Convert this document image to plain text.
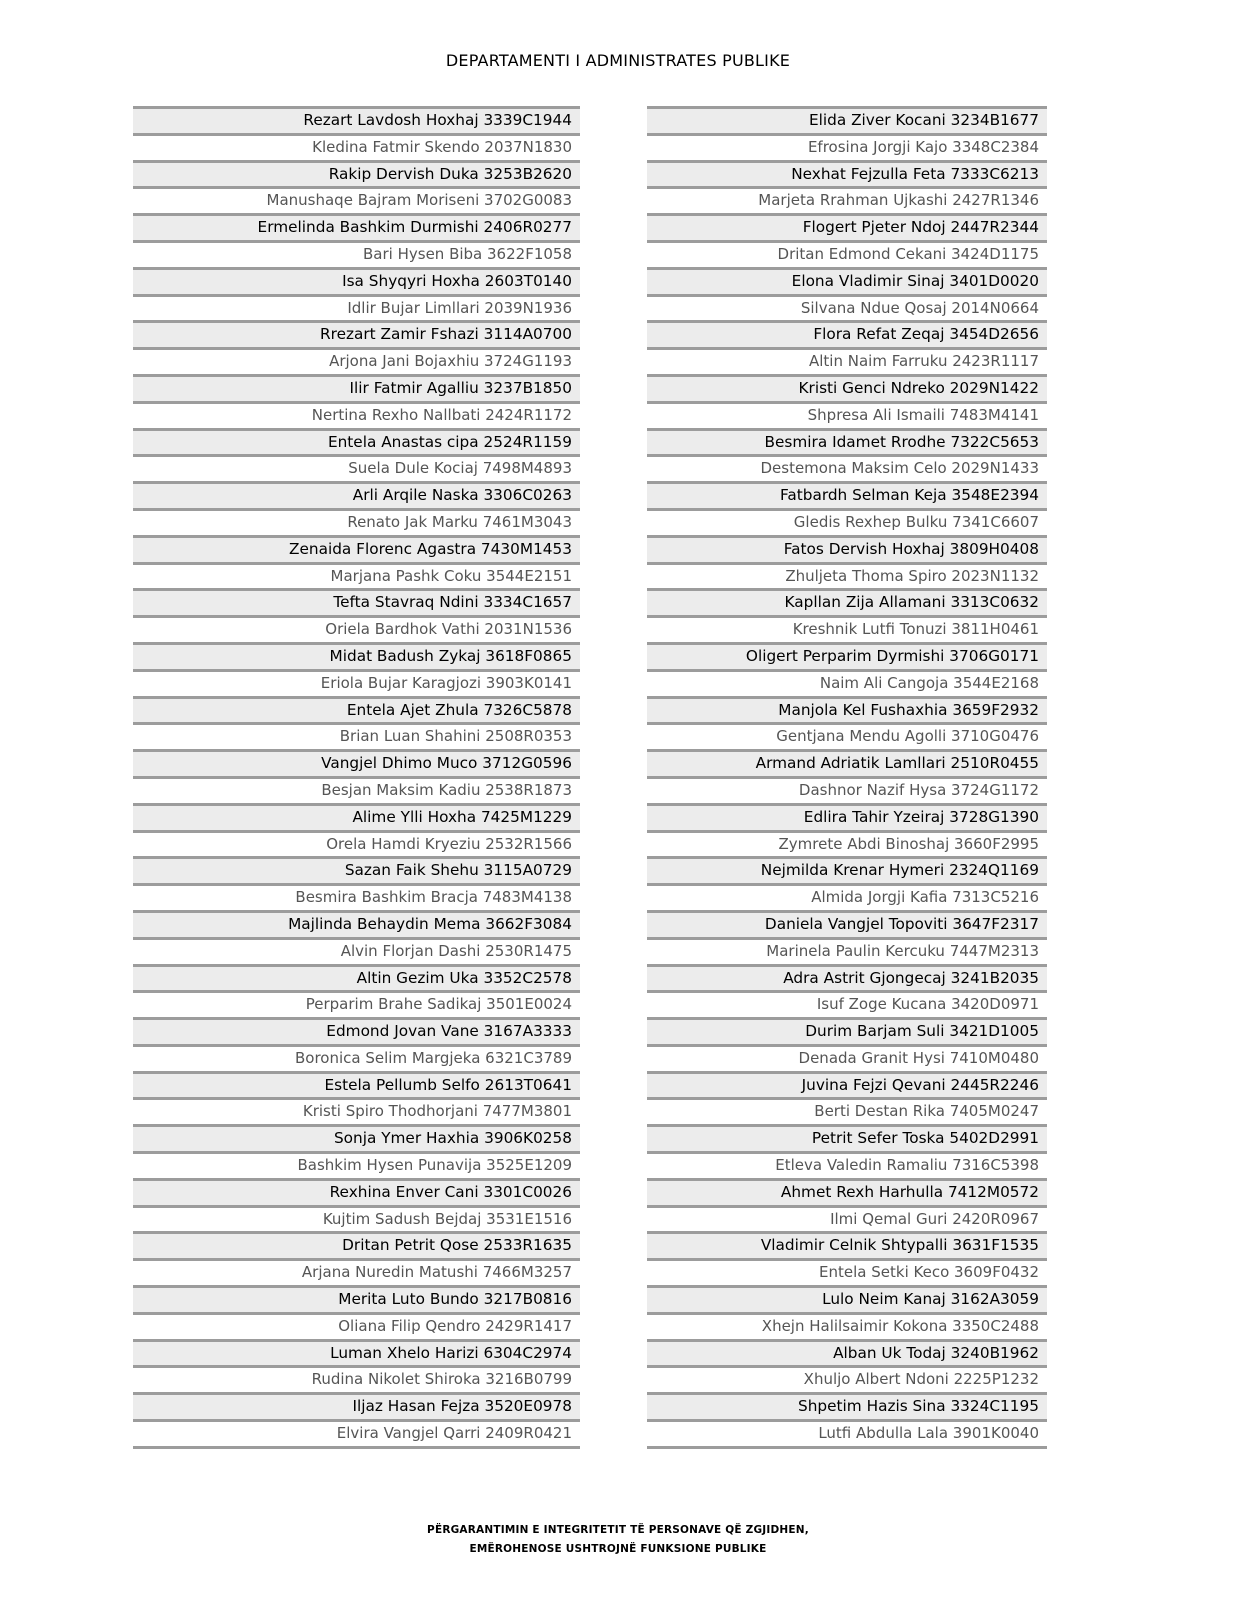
DEPARTAMENTI I ADMINISTRATES PUBLIKE
Rezart Lavdosh Hoxhaj 3339C1944
Kledina Fatmir Skendo 2037N1830
Rakip Dervish Duka 3253B2620
Manushaqe Bajram Moriseni 3702G0083
Ermelinda Bashkim Durmishi 2406R0277
Bari Hysen Biba 3622F1058
Isa Shyqyri Hoxha 2603T0140
Idlir Bujar Limllari 2039N1936
Rrezart Zamir Fshazi 3114A0700
Arjona Jani Bojaxhiu 3724G1193
Ilir Fatmir Agalliu 3237B1850
Nertina Rexho Nallbati 2424R1172
Entela Anastas cipa 2524R1159
Suela Dule Kociaj 7498M4893
Arli Arqile Naska 3306C0263
Renato Jak Marku 7461M3043
Zenaida Florenc Agastra 7430M1453
Marjana Pashk Coku 3544E2151
Tefta Stavraq Ndini 3334C1657
Oriela Bardhok Vathi 2031N1536
Midat Badush Zykaj 3618F0865
Eriola Bujar Karagjozi 3903K0141
Entela Ajet Zhula 7326C5878
Brian Luan Shahini 2508R0353
Vangjel Dhimo Muco 3712G0596
Besjan Maksim Kadiu 2538R1873
Alime Ylli Hoxha 7425M1229
Orela Hamdi Kryeziu 2532R1566
Sazan Faik Shehu 3115A0729
Besmira Bashkim Bracja 7483M4138
Majlinda Behaydin Mema 3662F3084
Alvin Florjan Dashi 2530R1475
Altin Gezim Uka 3352C2578
Perparim Brahe Sadikaj 3501E0024
Edmond Jovan Vane 3167A3333
Boronica Selim Margjeka 6321C3789
Estela Pellumb Selfo 2613T0641
Kristi Spiro Thodhorjani 7477M3801
Sonja Ymer Haxhia 3906K0258
Bashkim Hysen Punavija 3525E1209
Rexhina Enver Cani 3301C0026
Kujtim Sadush Bejdaj 3531E1516
Dritan Petrit Qose 2533R1635
Arjana Nuredin Matushi 7466M3257
Merita Luto Bundo 3217B0816
Oliana Filip Qendro 2429R1417
Luman Xhelo Harizi 6304C2974
Rudina Nikolet Shiroka 3216B0799
Iljaz Hasan Fejza 3520E0978
Elvira Vangjel Qarri 2409R0421
Elida Ziver Kocani 3234B1677
Efrosina Jorgji Kajo 3348C2384
Nexhat Fejzulla Feta 7333C6213
Marjeta Rrahman Ujkashi 2427R1346
Flogert Pjeter Ndoj 2447R2344
Dritan Edmond Cekani 3424D1175
Elona Vladimir Sinaj 3401D0020
Silvana Ndue Qosaj 2014N0664
Flora Refat Zeqaj 3454D2656
Altin Naim Farruku 2423R1117
Kristi Genci Ndreko 2029N1422
Shpresa Ali Ismaili 7483M4141
Besmira Idamet Rrodhe 7322C5653
Destemona Maksim Celo 2029N1433
Fatbardh Selman Keja 3548E2394
Gledis Rexhep Bulku 7341C6607
Fatos Dervish Hoxhaj 3809H0408
Zhuljeta Thoma Spiro 2023N1132
Kapllan Zija Allamani 3313C0632
Kreshnik Lutfi Tonuzi 3811H0461
Oligert Perparim Dyrmishi 3706G0171
Naim Ali Cangoja 3544E2168
Manjola Kel Fushaxhia 3659F2932
Gentjana Mendu Agolli 3710G0476
Armand Adriatik Lamllari 2510R0455
Dashnor Nazif Hysa 3724G1172
Edlira Tahir Yzeiraj 3728G1390
Zymrete Abdi Binoshaj 3660F2995
Nejmilda Krenar Hymeri 2324Q1169
Almida Jorgji Kafia 7313C5216
Daniela Vangjel Topoviti 3647F2317
Marinela Paulin Kercuku 7447M2313
Adra Astrit Gjongecaj 3241B2035
Isuf Zoge Kucana 3420D0971
Durim Barjam Suli 3421D1005
Denada Granit Hysi 7410M0480
Juvina Fejzi Qevani 2445R2246
Berti Destan Rika 7405M0247
Petrit Sefer Toska 5402D2991
Etleva Valedin Ramaliu 7316C5398
Ahmet Rexh Harhulla 7412M0572
Ilmi Qemal Guri 2420R0967
Vladimir Celnik Shtypalli 3631F1535
Entela Setki Keco 3609F0432
Lulo Neim Kanaj 3162A3059
Xhejn Halilsaimir Kokona 3350C2488
Alban Uk Todaj 3240B1962
Xhuljo Albert Ndoni 2225P1232
Shpetim Hazis Sina 3324C1195
Lutfi Abdulla Lala 3901K0040
PËRGARANTIMIN E INTEGRITETIT TË PERSONAVE QË ZGJIDHEN,
EMËROHENOSE USHTROJNË FUNKSIONE PUBLIKE
